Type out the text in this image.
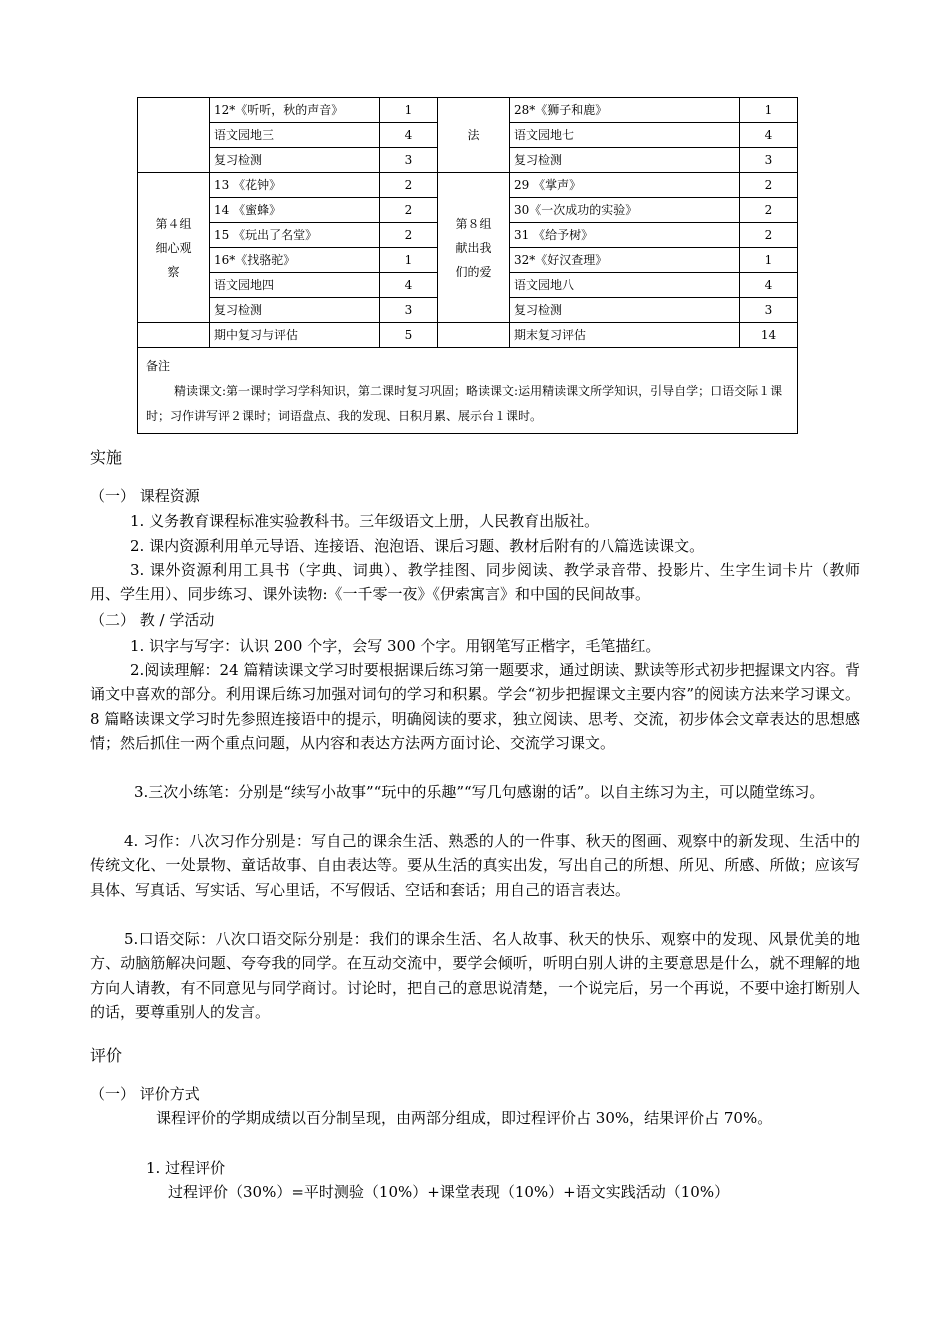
	12*《听听，秋的声音》	1	法	28*《狮子和鹿》	1
	语文园地三	4		语文园地七	4
	复习检测	3		复习检测	3
第４组细心观察	13 《花钟》	2	第８组献出我们的爱	29 《掌声》	2
	14 《蜜蜂》	2		30《一次成功的实验》	2
	15 《玩出了名堂》	2		31 《给予树》	2
	16*《找骆驼》	1		32*《好汉查理》	1
	语文园地四	4		语文园地八	4
	复习检测	3		复习检测	3
	期中复习与评估	5		期末复习评估	14

备注
精读课文:第一课时学习学科知识，第二课时复习巩固；略读课文:运用精读课文所学知识，引导自学；口语交际１课时；习作讲写评２课时；词语盘点、我的发现、日积月累、展示台１课时。					
实施
（一） 课程资源
1. 义务教育课程标准实验教科书。三年级语文上册，人民教育出版社。
2. 课内资源利用单元导语、连接语、泡泡语、课后习题、教材后附有的八篇选读课文。
3. 课外资源利用工具书（字典、词典）、教学挂图、同步阅读、教学录音带、投影片、生字生词卡片（教师用、学生用）、同步练习、课外读物:《一千零一夜》《伊索寓言》和中国的民间故事。
（二） 教 / 学活动
1. 识字与写字：认识 200 个字，会写 300 个字。用钢笔写正楷字，毛笔描红。
2.阅读理解：24 篇精读课文学习时要根据课后练习第一题要求，通过朗读、默读等形式初步把握课文内容。背诵文中喜欢的部分。利用课后练习加强对词句的学习和积累。学会“初步把握课文主要内容”的阅读方法来学习课文。8 篇略读课文学习时先参照连接语中的提示，明确阅读的要求，独立阅读、思考、交流，初步体会文章表达的思想感情；然后抓住一两个重点问题，从内容和表达方法两方面讨论、交流学习课文。
3.三次小练笔：分别是“续写小故事”“玩中的乐趣”“写几句感谢的话”。以自主练习为主，可以随堂练习。
4. 习作：八次习作分别是：写自己的课余生活、熟悉的人的一件事、秋天的图画、观察中的新发现、生活中的传统文化、一处景物、童话故事、自由表达等。要从生活的真实出发，写出自己的所想、所见、所感、所做；应该写具体、写真话、写实话、写心里话，不写假话、空话和套话；用自己的语言表达。
5.口语交际：八次口语交际分别是：我们的课余生活、名人故事、秋天的快乐、观察中的发现、风景优美的地方、动脑筋解决问题、夸夸我的同学。在互动交流中，要学会倾听，听明白别人讲的主要意思是什么，就不理解的地方向人请教，有不同意见与同学商讨。讨论时，把自己的意思说清楚，一个说完后，另一个再说，不要中途打断别人的话，要尊重别人的发言。
评价
（一） 评价方式
课程评价的学期成绩以百分制呈现，由两部分组成，即过程评价占 30%，结果评价占 70%。
1. 过程评价
过程评价（30%）=平时测验（10%）+课堂表现（10%）+语文实践活动（10%）
